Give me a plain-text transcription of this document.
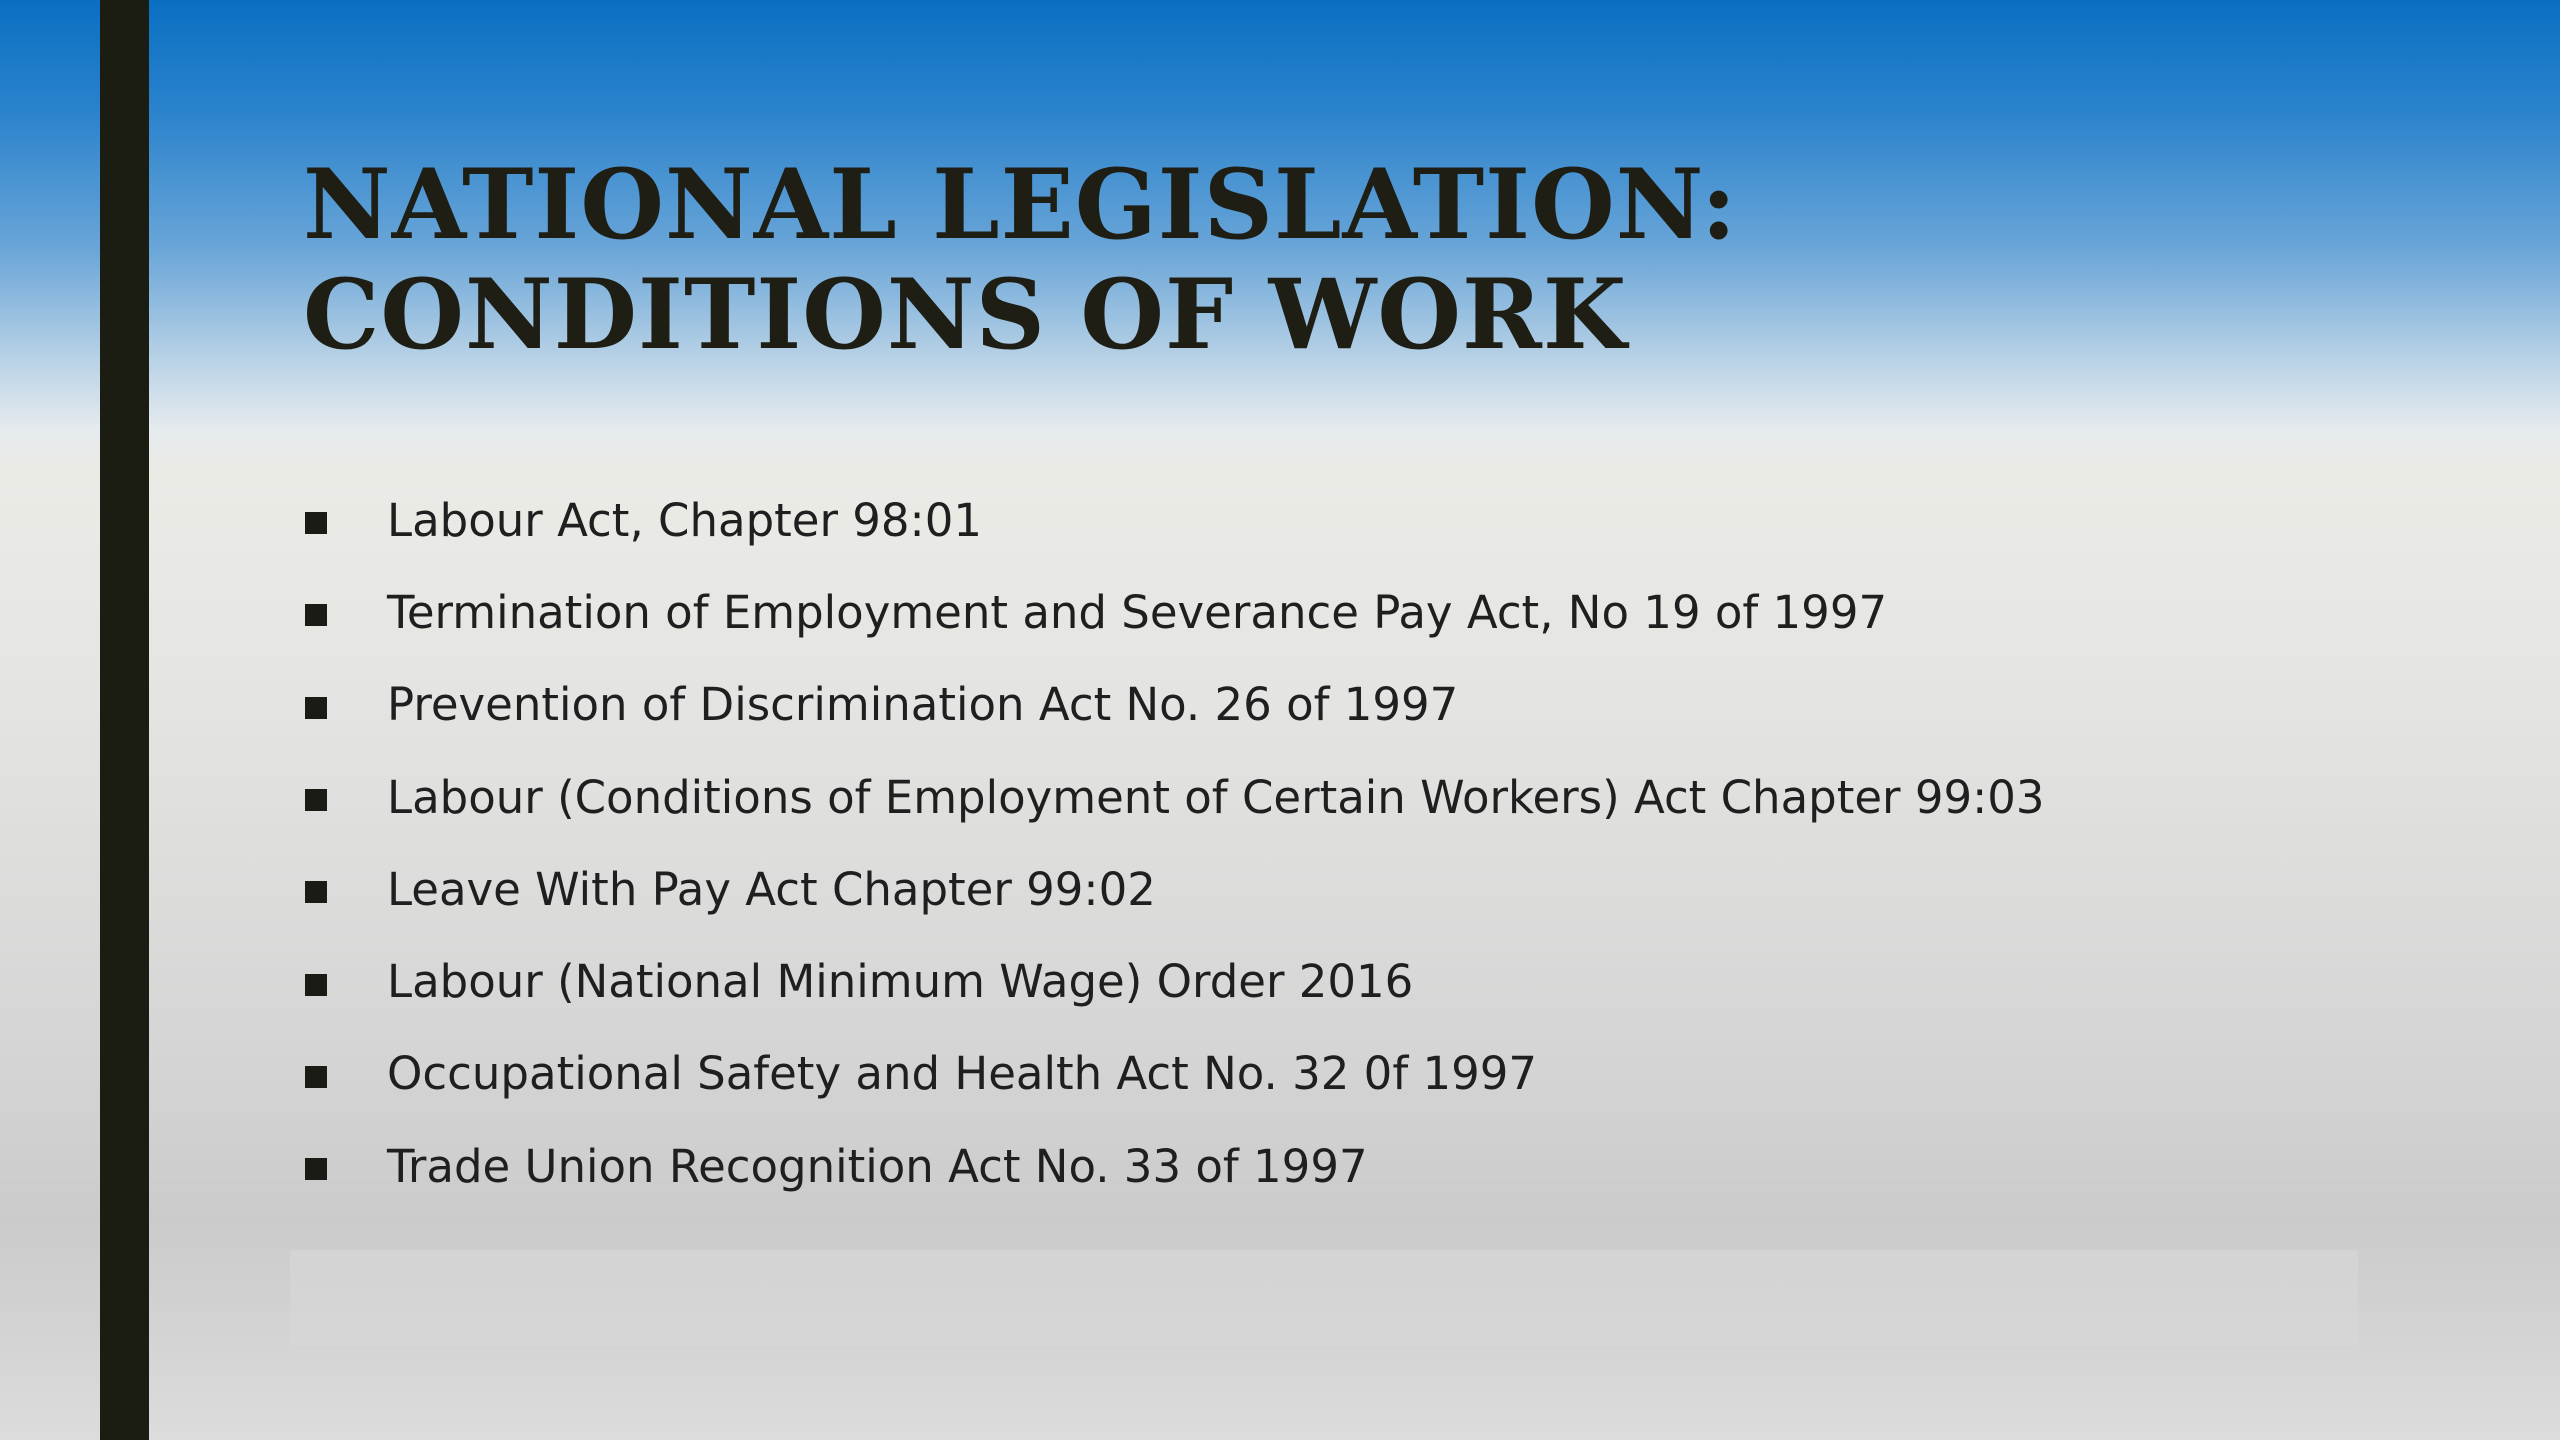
NATIONAL LEGISLATION: CONDITIONS OF WORK
Labour Act, Chapter 98:01
Termination of Employment and Severance Pay Act, No 19 of 1997
Prevention of Discrimination Act No. 26 of 1997
Labour (Conditions of Employment of Certain Workers) Act Chapter 99:03
Leave With Pay Act Chapter 99:02
Labour (National Minimum Wage) Order 2016
Occupational Safety and Health Act No. 32 0f 1997
Trade Union Recognition Act No. 33 of 1997
